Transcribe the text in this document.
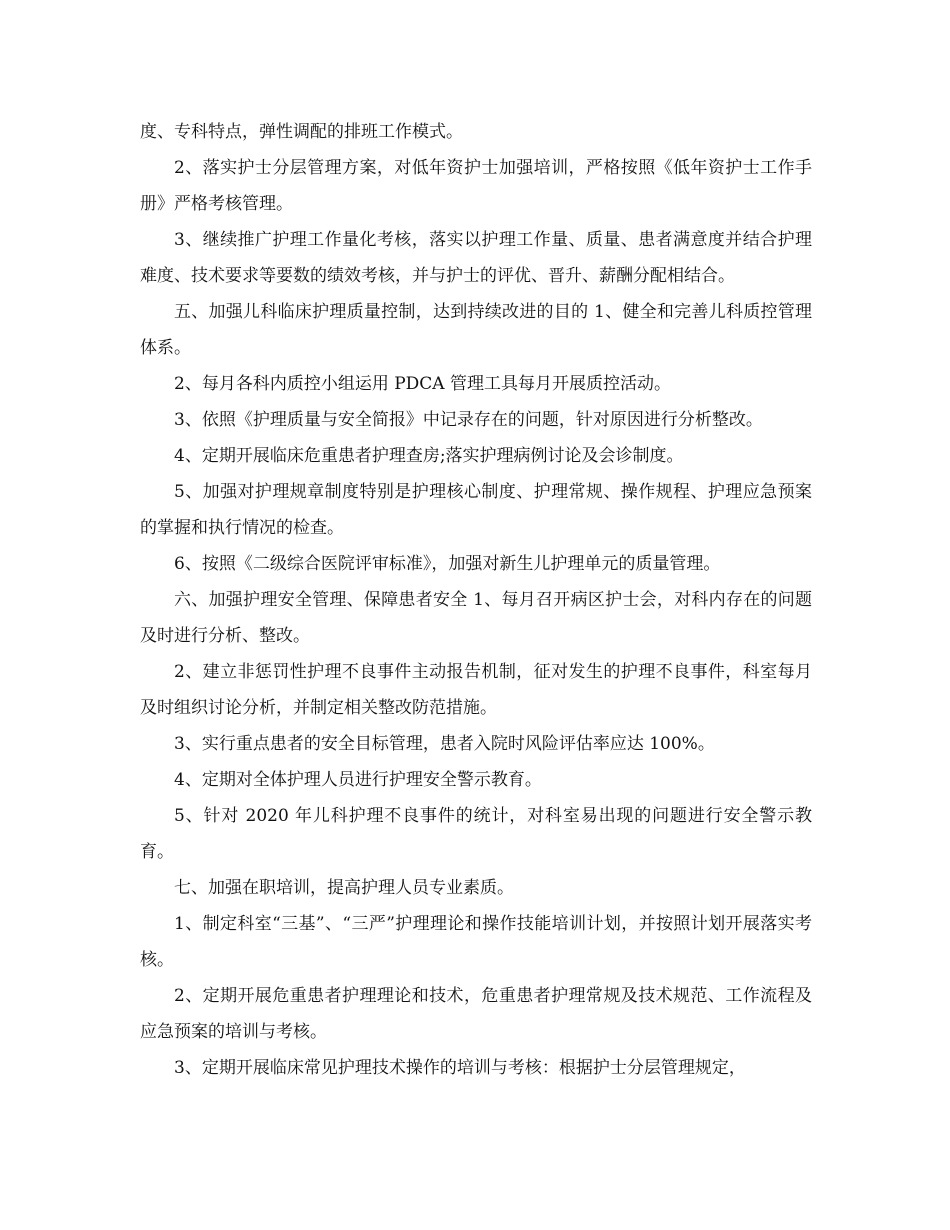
度、专科特点，弹性调配的排班工作模式。

2、落实护士分层管理方案，对低年资护士加强培训，严格按照《低年资护士工作手册》严格考核管理。

3、继续推广护理工作量化考核，落实以护理工作量、质量、患者满意度并结合护理难度、技术要求等要数的绩效考核，并与护士的评优、晋升、薪酬分配相结合。

五、加强儿科临床护理质量控制，达到持续改进的目的 1、健全和完善儿科质控管理体系。

2、每月各科内质控小组运用 PDCA 管理工具每月开展质控活动。

3、依照《护理质量与安全简报》中记录存在的问题，针对原因进行分析整改。

4、定期开展临床危重患者护理查房;落实护理病例讨论及会诊制度。

5、加强对护理规章制度特别是护理核心制度、护理常规、操作规程、护理应急预案的掌握和执行情况的检查。

6、按照《二级综合医院评审标准》，加强对新生儿护理单元的质量管理。

六、加强护理安全管理、保障患者安全 1、每月召开病区护士会，对科内存在的问题及时进行分析、整改。

2、建立非惩罚性护理不良事件主动报告机制，征对发生的护理不良事件，科室每月及时组织讨论分析，并制定相关整改防范措施。

3、实行重点患者的安全目标管理，患者入院时风险评估率应达 100%。

4、定期对全体护理人员进行护理安全警示教育。

5、针对 2020 年儿科护理不良事件的统计，对科室易出现的问题进行安全警示教育。

七、加强在职培训，提高护理人员专业素质。

1、制定科室“三基”、“三严”护理理论和操作技能培训计划，并按照计划开展落实考核。

2、定期开展危重患者护理理论和技术，危重患者护理常规及技术规范、工作流程及应急预案的培训与考核。

3、定期开展临床常见护理技术操作的培训与考核：根据护士分层管理规定，
